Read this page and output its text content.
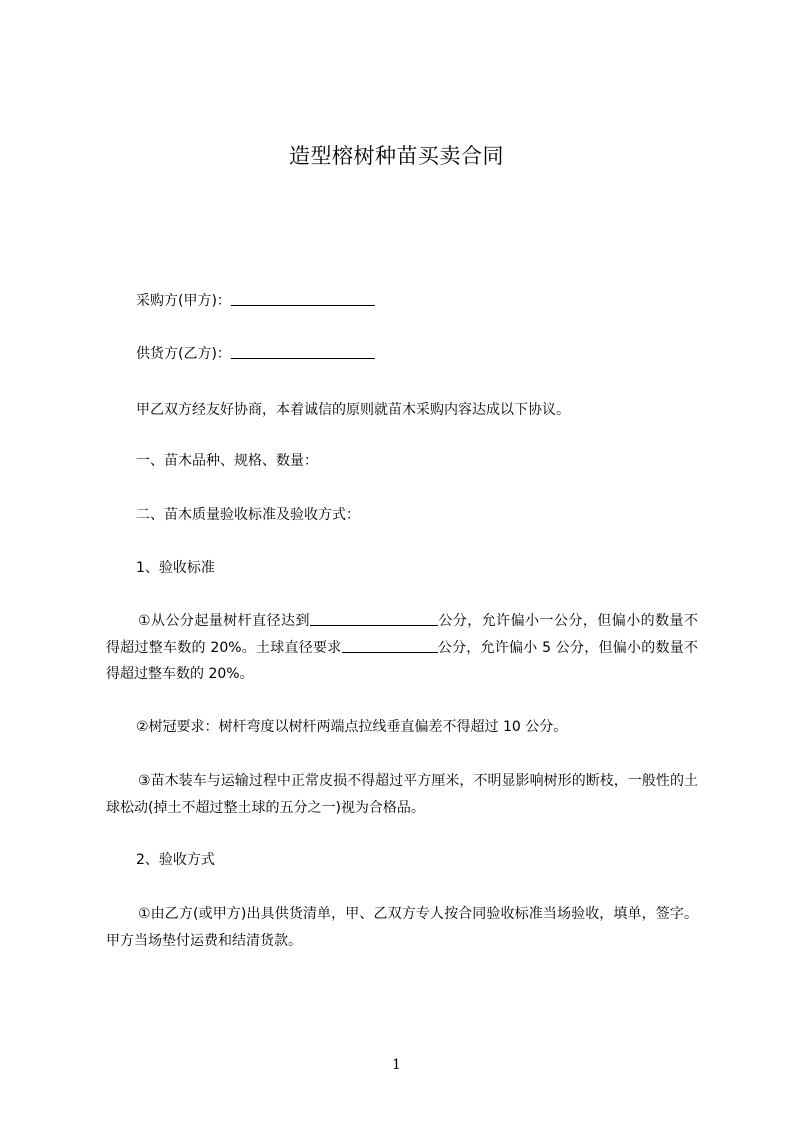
造型榕树种苗买卖合同
采购方(甲方)：
供货方(乙方)：
甲乙双方经友好协商，本着诚信的原则就苗木采购内容达成以下协议。
一、苗木品种、规格、数量：
二、苗木质量验收标准及验收方式：
1、验收标准
①从公分起量树杆直径达到	公分，允许偏小一公分，但偏小的数量不得超过整车数的 20%。土球直径要求	公分，允许偏小 5 公分，但偏小的数量不得超过整车数的 20%。
②树冠要求：树杆弯度以树杆两端点拉线垂直偏差不得超过 10 公分。
③苗木装车与运输过程中正常皮损不得超过平方厘米，不明显影响树形的断枝，一般性的土球松动(掉土不超过整土球的五分之一)视为合格品。
2、验收方式
①由乙方(或甲方)出具供货清单，甲、乙双方专人按合同验收标准当场验收，填单，签字。甲方当场垫付运费和结清货款。
1
